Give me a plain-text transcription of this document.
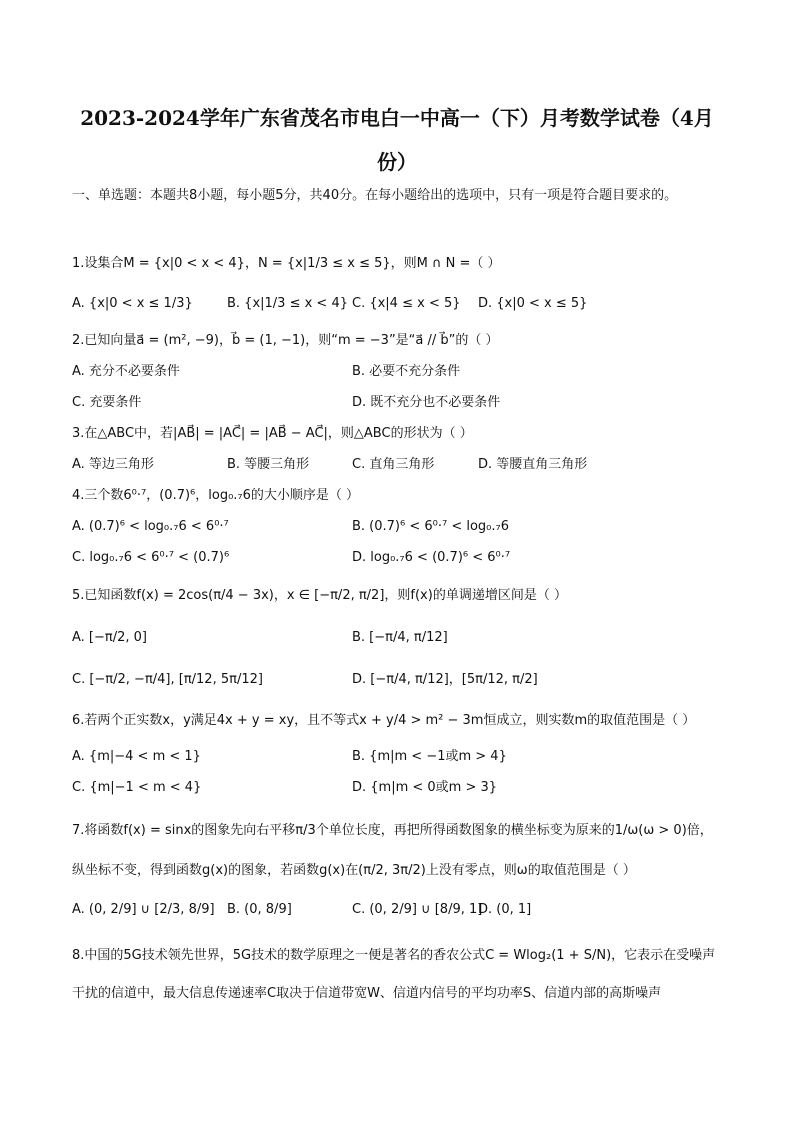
2023-2024学年广东省茂名市电白一中高一（下）月考数学试卷（4月
份）
一、单选题：本题共8小题，每小题5分，共40分。在每小题给出的选项中，只有一项是符合题目要求的。
1.设集合M = {x|0 < x < 4}，N = {x|1/3 ≤ x ≤ 5}，则M ∩ N =（ ）
A. {x|0 < x ≤ 1/3}	B. {x|1/3 ≤ x < 4} C. {x|4 ≤ x < 5} D. {x|0 < x ≤ 5}
2.已知向量a⃗ = (m², −9)，b⃗ = (1, −1)，则“m = −3”是“a⃗ // b⃗”的（ ）
A. 充分不必要条件	B. 必要不充分条件
C. 充要条件	D. 既不充分也不必要条件
3.在△ABC中，若|AB⃗| = |AC⃗| = |AB⃗ − AC⃗|，则△ABC的形状为（ ）
A. 等边三角形	B. 等腰三角形	C. 直角三角形	D. 等腰直角三角形
4.三个数6⁰·⁷，(0.7)⁶，log₀.₇6的大小顺序是（ ）
A. (0.7)⁶ < log₀.₇6 < 6⁰·⁷	B. (0.7)⁶ < 6⁰·⁷ < log₀.₇6
C. log₀.₇6 < 6⁰·⁷ < (0.7)⁶	D. log₀.₇6 < (0.7)⁶ < 6⁰·⁷
5.已知函数f(x) = 2cos(π/4 − 3x)，x ∈ [−π/2, π/2]，则f(x)的单调递增区间是（ ）
A. [−π/2, 0]	B. [−π/4, π/12]
C. [−π/2, −π/4], [π/12, 5π/12]	D. [−π/4, π/12]，[5π/12, π/2]
6.若两个正实数x，y满足4x + y = xy，且不等式x + y/4 > m² − 3m恒成立，则实数m的取值范围是（ ）
A. {m|−4 < m < 1}	B. {m|m < −1或m > 4}
C. {m|−1 < m < 4}	D. {m|m < 0或m > 3}
7.将函数f(x) = sinx的图象先向右平移π/3个单位长度，再把所得函数图象的横坐标变为原来的1/ω(ω > 0)倍，纵坐标不变，得到函数g(x)的图象，若函数g(x)在(π/2, 3π/2)上没有零点，则ω的取值范围是（ ）
A. (0, 2/9] ∪ [2/3, 8/9] B. (0, 8/9]	C. (0, 2/9] ∪ [8/9, 1]
D. (0, 1]
8.中国的5G技术领先世界，5G技术的数学原理之一便是著名的香农公式C = Wlog₂(1 + S/N)，它表示在受噪声干扰的信道中，最大信息传递速率C取决于信道带宽W、信道内信号的平均功率S、信道内部的高斯噪声
